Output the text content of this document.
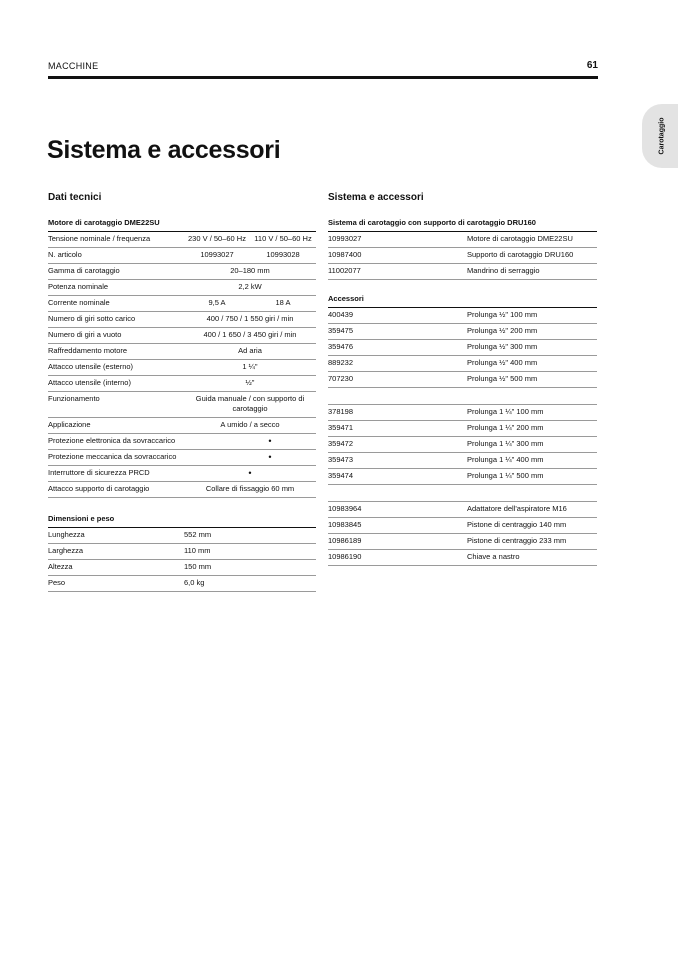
MACCHINE	61
Carotaggio
Sistema e accessori
Dati tecnici	Sistema e accessori
Motore di carotaggio DME22SU
Tensione nominale / frequenza	230 V / 50–60 Hz	110 V / 50–60 Hz
N. articolo	10993027	10993028
Gamma di carotaggio	20–180 mm
Potenza nominale	2,2 kW
Corrente nominale	9,5 A	18 A
Numero di giri sotto carico	400 / 750 / 1 550 giri / min
Numero di giri a vuoto	400 / 1 650 / 3 450 giri / min
Raffreddamento motore	Ad aria
Attacco utensile (esterno)	1 ¼"
Attacco utensile (interno)	½"
Funzionamento	Guida manuale / con supporto di carotaggio
Applicazione	A umido / a secco
Protezione elettronica da sovraccarico	•
Protezione meccanica da sovraccarico	•
Interruttore di sicurezza PRCD	•
Attacco supporto di carotaggio	Collare di fissaggio 60 mm
Dimensioni e peso
Lunghezza	552 mm
Larghezza	110 mm
Altezza	150 mm
Peso	6,0 kg
Sistema di carotaggio con supporto di carotaggio DRU160
10993027	Motore di carotaggio DME22SU
10987400	Supporto di carotaggio DRU160
11002077	Mandrino di serraggio
Accessori
400439	Prolunga ½" 100 mm
359475	Prolunga ½" 200 mm
359476	Prolunga ½" 300 mm
889232	Prolunga ½" 400 mm
707230	Prolunga ½" 500 mm
378198	Prolunga 1 ¼" 100 mm
359471	Prolunga 1 ¼" 200 mm
359472	Prolunga 1 ¼" 300 mm
359473	Prolunga 1 ¼" 400 mm
359474	Prolunga 1 ¼" 500 mm
10983964	Adattatore dell'aspiratore M16
10983845	Pistone di centraggio 140 mm
10986189	Pistone di centraggio 233 mm
10986190	Chiave a nastro
